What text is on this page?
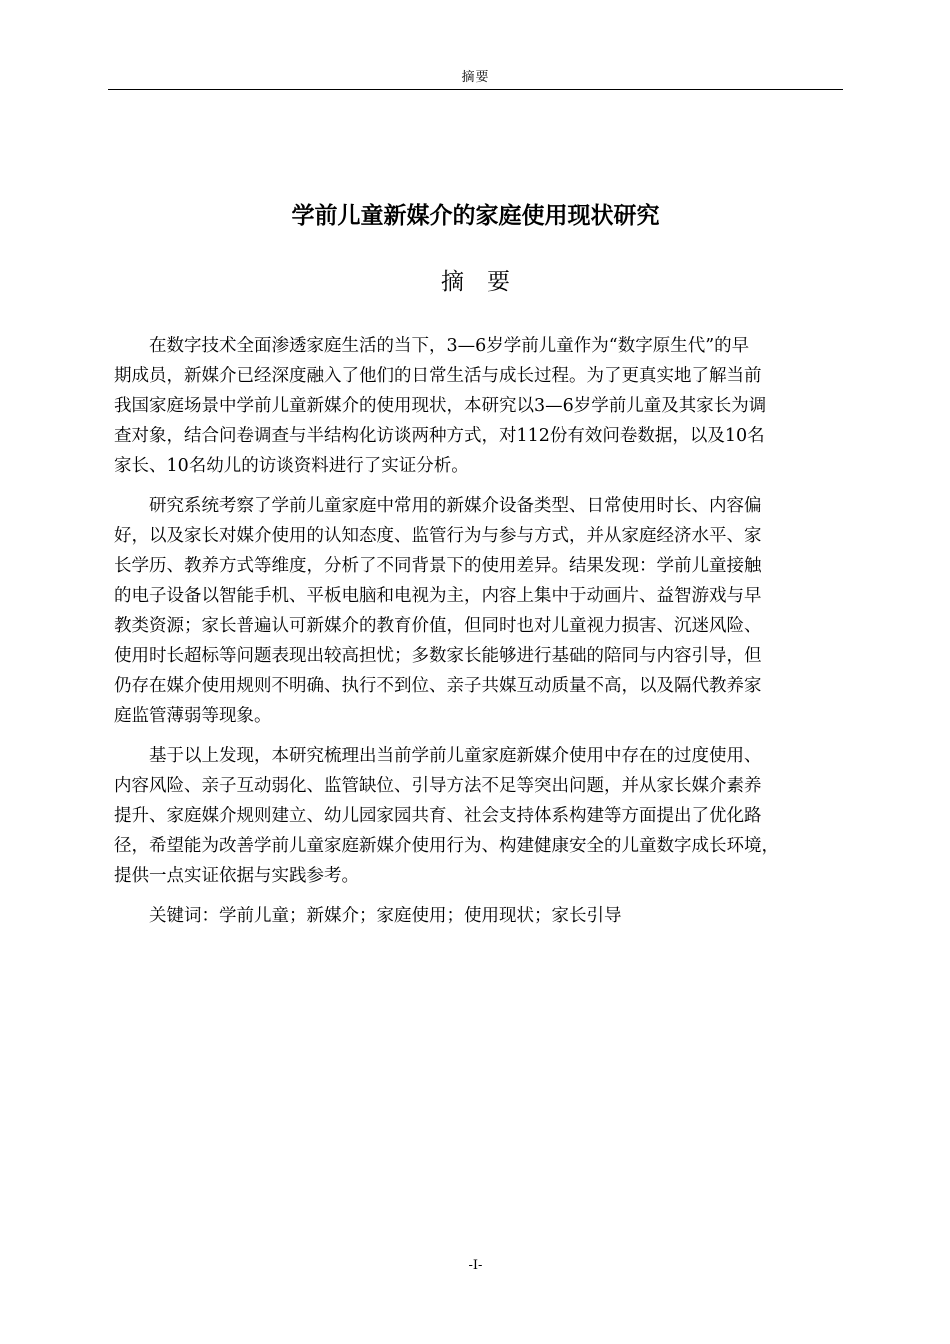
摘要
学前儿童新媒介的家庭使用现状研究
摘要

在数字技术全面渗透家庭生活的当下，3—6岁学前儿童作为“数字原生代”的早
期成员，新媒介已经深度融入了他们的日常生活与成长过程。为了更真实地了解当前
我国家庭场景中学前儿童新媒介的使用现状，本研究以3—6岁学前儿童及其家长为调
查对象，结合问卷调查与半结构化访谈两种方式，对112份有效问卷数据，以及10名
家长、10名幼儿的访谈资料进行了实证分析。

研究系统考察了学前儿童家庭中常用的新媒介设备类型、日常使用时长、内容偏
好，以及家长对媒介使用的认知态度、监管行为与参与方式，并从家庭经济水平、家
长学历、教养方式等维度，分析了不同背景下的使用差异。结果发现：学前儿童接触
的电子设备以智能手机、平板电脑和电视为主，内容上集中于动画片、益智游戏与早
教类资源；家长普遍认可新媒介的教育价值，但同时也对儿童视力损害、沉迷风险、
使用时长超标等问题表现出较高担忧；多数家长能够进行基础的陪同与内容引导，但
仍存在媒介使用规则不明确、执行不到位、亲子共媒互动质量不高，以及隔代教养家
庭监管薄弱等现象。

基于以上发现，本研究梳理出当前学前儿童家庭新媒介使用中存在的过度使用、
内容风险、亲子互动弱化、监管缺位、引导方法不足等突出问题，并从家长媒介素养
提升、家庭媒介规则建立、幼儿园家园共育、社会支持体系构建等方面提出了优化路
径，希望能为改善学前儿童家庭新媒介使用行为、构建健康安全的儿童数字成长环境，
提供一点实证依据与实践参考。

关键词：学前儿童；新媒介；家庭使用；使用现状；家长引导

-I-
